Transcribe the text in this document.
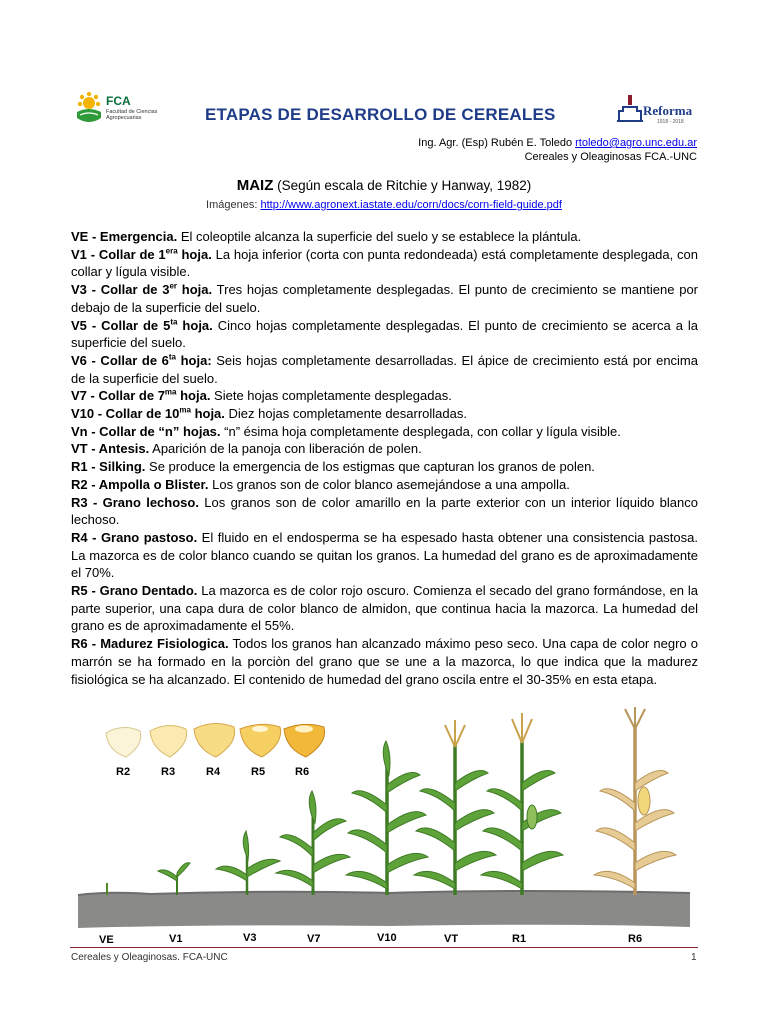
FCA
Facultad de Ciencias Agropecuarias	ETAPAS DE DESARROLLO DE CEREALES	Reforma
1918 - 2018
Ing. Agr. (Esp) Rubén E. Toledo rtoledo@agro.unc.edu.ar
Cereales y Oleaginosas FCA.-UNC
MAIZ (Según escala de Ritchie y Hanway, 1982)
Imágenes: http://www.agronext.iastate.edu/corn/docs/corn-field-guide.pdf

VE - Emergencia. El coleoptile alcanza la superficie del suelo y se establece la plántula.

V1 - Collar de $1^{era}$ hoja. La hoja inferior (corta con punta redondeada) está completamente desplegada, con collar y lígula visible.

V3 - Collar de 3er hoja. Tres hojas completamente desplegadas. El punto de crecimiento se mantiene por debajo de la superficie del suelo.

V5 - Collar de $5^{ta}$ hoja. Cinco hojas completamente desplegadas. El punto de crecimiento se acerca a la superficie del suelo.

V6 - Collar de $6^{ta}$ hoja: Seis hojas completamente desarrolladas. El ápice de crecimiento está por encima de la superficie del suelo.

V7 - Collar de $7^{ma}$ hoja. Siete hojas completamente desplegadas.

V10 - Collar de $10^{ma}$ hoja. Diez hojas completamente desarrolladas.

Vn - Collar de “n” hojas. “n” ésima hoja completamente desplegada, con collar y lígula visible.

VT - Antesis. Aparición de la panoja con liberación de polen.

R1 - Silking. Se produce la emergencia de los estigmas que capturan los granos de polen.

R2 - Ampolla o Blister. Los granos son de color blanco asemejándose a una ampolla.

R3 - Grano lechoso. Los granos son de color amarillo en la parte exterior con un interior líquido blanco lechoso.

R4 - Grano pastoso. El fluido en el endosperma se ha espesado hasta obtener una consistencia pastosa. La mazorca es de color blanco cuando se quitan los granos. La humedad del grano es de aproximadamente el 70%.

R5 - Grano Dentado. La mazorca es de color rojo oscuro. Comienza el secado del grano formándose, en la parte superior, una capa dura de color blanco de almidon, que continua hacia la mazorca. La humedad del grano es de aproximadamente el 55%.

R6 - Madurez Fisiologica. Todos los granos han alcanzado máximo peso seco. Una capa de color negro o marrón se ha formado en la porciòn del grano que se une a la mazorca, lo que indica que la madurez fisiológica se ha alcanzado. El contenido de humedad del grano oscila entre el 30-35% en esta etapa.

R2	R3	R4	R5	R6
VE	V1	V3	V7	V10	VT	R1	R6
Cereales y Oleaginosas. FCA-UNC	1
